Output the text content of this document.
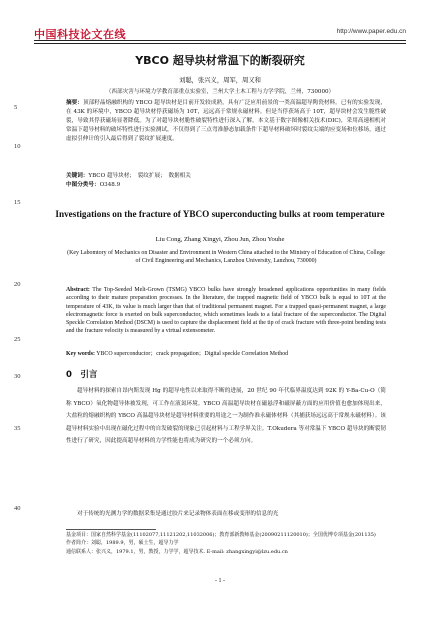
中国科技论文在线	http://www.paper.edu.cn
5
10
15
20
25
30
35
40
YBCO 超导块材常温下的断裂研究
刘聪，张兴义，周军，周又和
（西部灾害与环境力学教育部重点实验室，兰州大学土木工程与力学学院，兰州，730000）
摘要：顶部籽晶熔融织构的 YBCO 超导块材是目前开发较成熟，具有广泛应用前景的一类高温超导陶瓷材料。已有的实验发现，在 43K 的环境中，YBCO 超导块材俘获磁场为 10T，远远高于常规永磁材料。但是当俘获场高于 10T，超导块材会发生脆性破裂，导致其俘获磁场显著降低。为了对超导块材脆性破裂特性进行深入了解，本文基于数字图像相关技术(DIC)，采用高速相机对常温下超导材料的破坏特性进行实验测试，不仅得到了三点弯准静态加载条件下超导材料破坏时裂纹尖端的应变场和位移场，通过虚拟引伸计的引入最后得到了裂纹扩展速度。
关键词：YBCO 超导块材；　裂纹扩展；　数据相关
中图分类号：O348.9
Investigations on the fracture of YBCO superconducting bulks at room temperature
Liu Cong, Zhang Xingyi, Zhou Jun, Zhou Youhe
(Key Labomtory of Mechanics on Disaster and Environment in Western China attached to the Ministry of Education of China, College of Civil Engineering and Mechanics, Lanzhou University, Lanzhou, 730000)
Abstract: The Top-Seeded Melt-Grown (TSMG) YBCO bulks have strongly broadened applications opportunities in many fields according to their mature preparation processes. In the literature, the trapped magnetic field of YBCO bulk is equal to 10T at the temperature of 43K, its value is much larger than that of traditional permanent magnet. For a trapped quasi-permanent magnet, a large electromagnetic force is exerted on bulk superconductor, which sometimes leads to a fatal fracture of the superconductor. The Digital Speckle Correlation Method (DSCM) is used to capture the displacement field at the tip of crack fracture with three-point bending tests and the fracture velocity is measured by a virtual extensometer.
Key words: YBCO superconductor；crack propagation；Digital speckle Correlation Method
0　引言
超导材料的探索自昂内斯发现 Hg 的超导电性以来取得不断的进展，20 世纪 90 年代临界温度达到 92K 的 Y-Ba-Cu-O（简称 YBCO）氧化物超导体被发现，可工作在液氮环境。YBCO 高温超导块材在磁悬浮和磁屏蔽方面的应用价值也愈加体现出来，大盐粒的熔融织构的 YBCO 高温超导块材是超导材料重要的用途之一为制作准永磁体材料（其捕获场远远高于常规永磁材料）。该超导材料实验中出现在磁化过程中的自发破裂的现象已引起材料与工程学界关注。T.Okudera 等对常温下 YBCO 超导块的断裂韧性进行了研究，因此提高超导材料的力学性能也将成为研究的一个必须方向。
对于传统的光测力学的数据采集是通过胶片来记录物体表面在移或变形的信息的光
基金项目：国家自然科学基金(11102077,11121202,11032006)；教育部新教师基金(20090211120010)；全国优博专项基金(201135)
作者简介：刘聪，1989.9，男，硕士生，超导力学
通信联系人：张兴义，1979.1，男，教授，力学学，超导技术. E-mail: zhangxingyi@lzu.edu.cn
- 1 -
